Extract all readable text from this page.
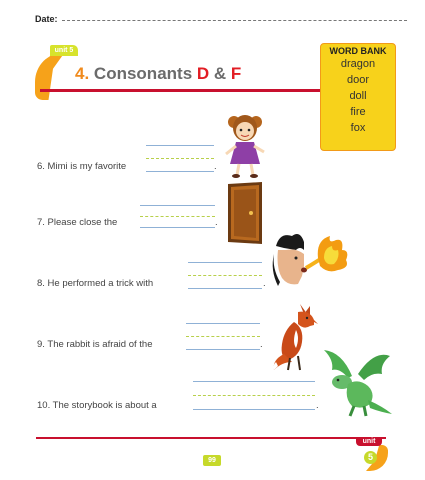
Date:
unit 5
4. Consonants D & F
WORD BANK
dragon
door
doll
fire
fox
6. Mimi is my favorite	.
7. Please close the	.
8. He performed a trick with	.
9. The rabbit is afraid of the	.
10. The storybook is about a	.
99
unit
5
